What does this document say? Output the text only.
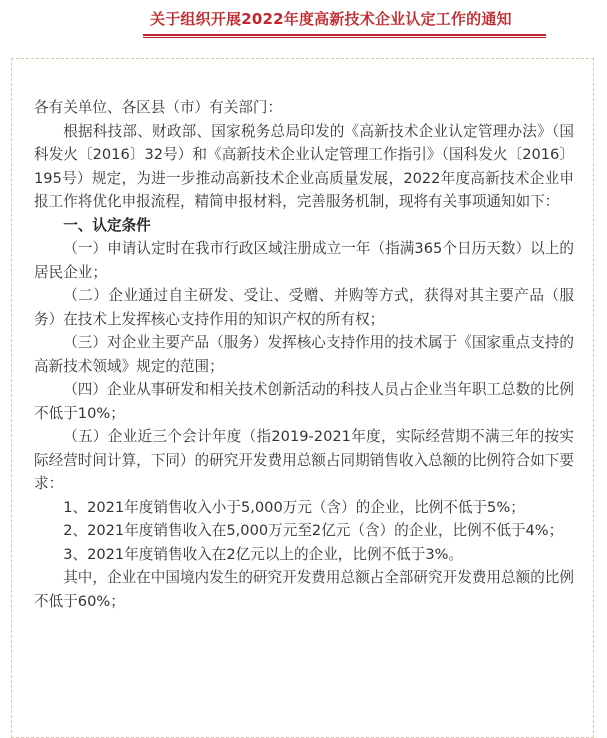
关于组织开展2022年度高新技术企业认定工作的通知

各有关单位、各区县（市）有关部门：

根据科技部、财政部、国家税务总局印发的《高新技术企业认定管理办法》（国科发火〔2016〕32号）和《高新技术企业认定管理工作指引》（国科发火〔2016〕195号）规定，为进一步推动高新技术企业高质量发展，2022年度高新技术企业申报工作将优化申报流程，精简申报材料，完善服务机制，现将有关事项通知如下：

一、认定条件

（一）申请认定时在我市行政区域注册成立一年（指满365个日历天数）以上的居民企业；

（二）企业通过自主研发、受让、受赠、并购等方式，获得对其主要产品（服务）在技术上发挥核心支持作用的知识产权的所有权；

（三）对企业主要产品（服务）发挥核心支持作用的技术属于《国家重点支持的高新技术领域》规定的范围；

（四）企业从事研发和相关技术创新活动的科技人员占企业当年职工总数的比例不低于10%；

（五）企业近三个会计年度（指2019-2021年度，实际经营期不满三年的按实际经营时间计算，下同）的研究开发费用总额占同期销售收入总额的比例符合如下要求：

1、2021年度销售收入小于5,000万元（含）的企业，比例不低于5%；

2、2021年度销售收入在5,000万元至2亿元（含）的企业，比例不低于4%；

3、2021年度销售收入在2亿元以上的企业，比例不低于3%。

其中，企业在中国境内发生的研究开发费用总额占全部研究开发费用总额的比例不低于60%；
